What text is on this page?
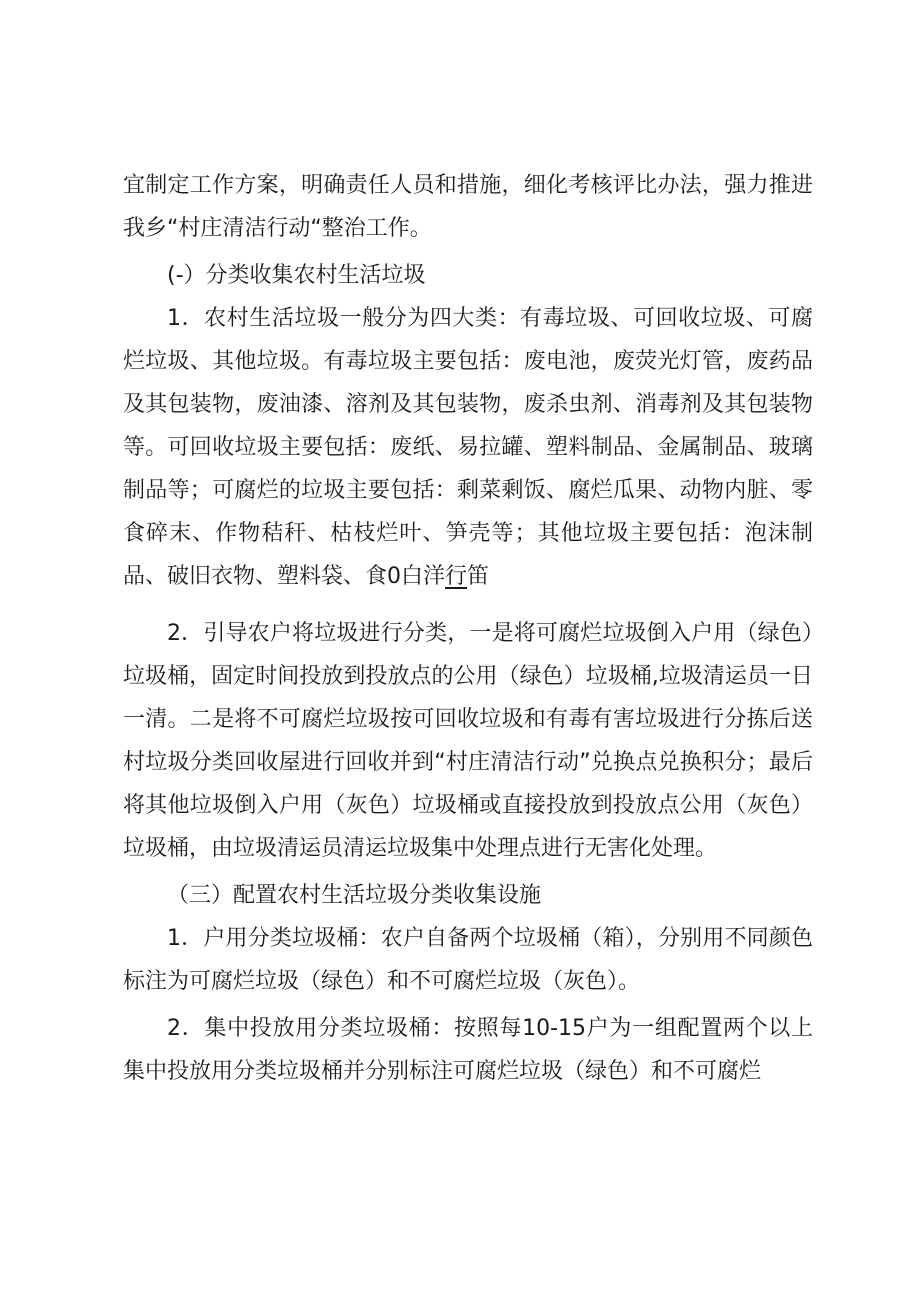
宜制定工作方案，明确责任人员和措施，细化考核评比办法，强力推进我乡“村庄清洁行动“整治工作。

(-）分类收集农村生活垃圾

1．农村生活垃圾一般分为四大类：有毒垃圾、可回收垃圾、可腐烂垃圾、其他垃圾。有毒垃圾主要包括：废电池，废荧光灯管，废药品及其包装物，废油漆、溶剂及其包装物，废杀虫剂、消毒剂及其包装物等。可回收垃圾主要包括：废纸、易拉罐、塑料制品、金属制品、玻璃制品等；可腐烂的垃圾主要包括：剩菜剩饭、腐烂瓜果、动物内脏、零食碎末、作物秸秆、枯枝烂叶、笋壳等；其他垃圾主要包括：泡沫制品、破旧衣物、塑料袋、食0白洋行笛

2．引导农户将垃圾进行分类，一是将可腐烂垃圾倒入户用（绿色）垃圾桶，固定时间投放到投放点的公用（绿色）垃圾桶,垃圾清运员一日一清。二是将不可腐烂垃圾按可回收垃圾和有毒有害垃圾进行分拣后送村垃圾分类回收屋进行回收并到“村庄清洁行动”兑换点兑换积分；最后将其他垃圾倒入户用（灰色）垃圾桶或直接投放到投放点公用（灰色）垃圾桶，由垃圾清运员清运垃圾集中处理点进行无害化处理。

（三）配置农村生活垃圾分类收集设施

1．户用分类垃圾桶：农户自备两个垃圾桶（箱），分别用不同颜色标注为可腐烂垃圾（绿色）和不可腐烂垃圾（灰色）。

2．集中投放用分类垃圾桶：按照每10-15户为一组配置两个以上集中投放用分类垃圾桶并分别标注可腐烂垃圾（绿色）和不可腐烂
